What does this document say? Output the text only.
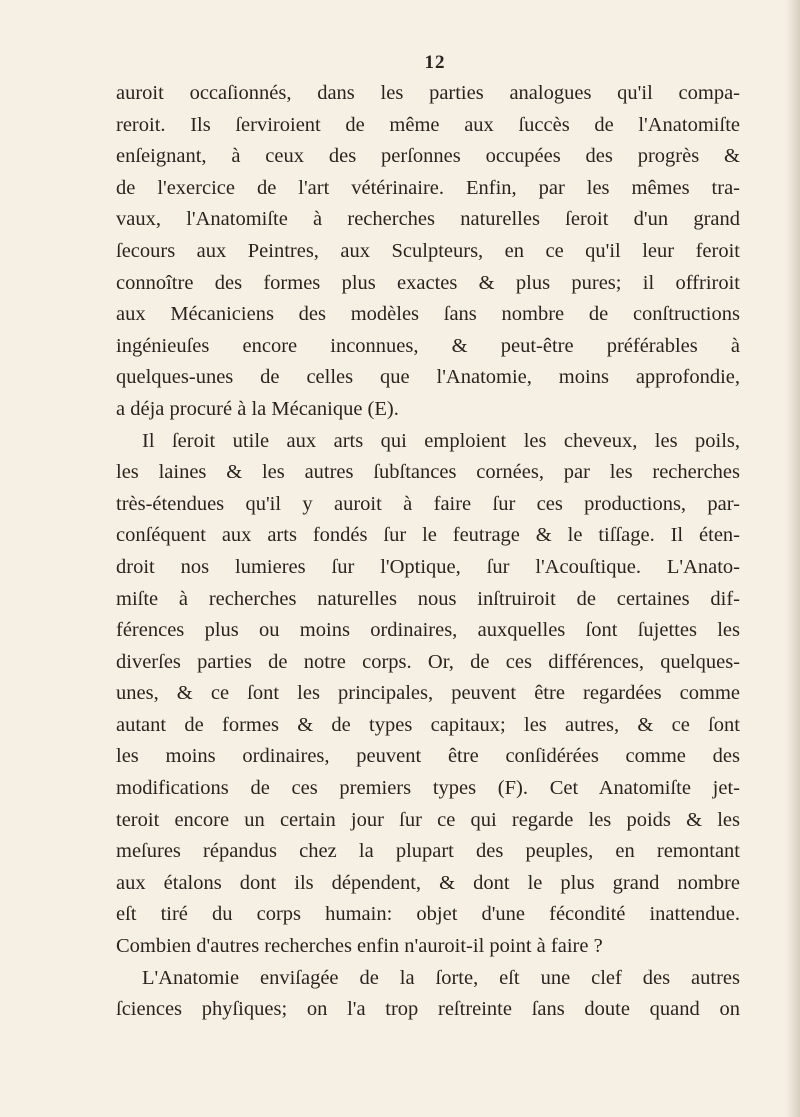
12
auroit occaſionnés, dans les parties analogues qu'il compa-
reroit. Ils ſerviroient de même aux ſuccès de l'Anatomiſte
enſeignant, à ceux des perſonnes occupées des progrès &
de l'exercice de l'art vétérinaire. Enfin, par les mêmes tra-
vaux, l'Anatomiſte à recherches naturelles ſeroit d'un grand
ſecours aux Peintres, aux Sculpteurs, en ce qu'il leur feroit
connoître des formes plus exactes & plus pures; il offriroit
aux Mécaniciens des modèles ſans nombre de conſtructions
ingénieuſes encore inconnues, & peut-être préférables à
quelques-unes de celles que l'Anatomie, moins approfondie,
a déja procuré à la Mécanique (E).
Il ſeroit utile aux arts qui emploient les cheveux, les poils,
les laines & les autres ſubſtances cornées, par les recherches
très-étendues qu'il y auroit à faire ſur ces productions, par-
conſéquent aux arts fondés ſur le feutrage & le tiſſage. Il éten-
droit nos lumieres ſur l'Optique, ſur l'Acouſtique. L'Anato-
miſte à recherches naturelles nous inſtruiroit de certaines dif-
férences plus ou moins ordinaires, auxquelles ſont ſujettes les
diverſes parties de notre corps. Or, de ces différences, quelques-
unes, & ce ſont les principales, peuvent être regardées comme
autant de formes & de types capitaux; les autres, & ce ſont
les moins ordinaires, peuvent être conſidérées comme des
modifications de ces premiers types (F). Cet Anatomiſte jet-
teroit encore un certain jour ſur ce qui regarde les poids & les
meſures répandus chez la plupart des peuples, en remontant
aux étalons dont ils dépendent, & dont le plus grand nombre
eſt tiré du corps humain: objet d'une fécondité inattendue.
Combien d'autres recherches enfin n'auroit-il point à faire ?
L'Anatomie enviſagée de la ſorte, eſt une clef des autres
ſciences phyſiques; on l'a trop reſtreinte ſans doute quand on
